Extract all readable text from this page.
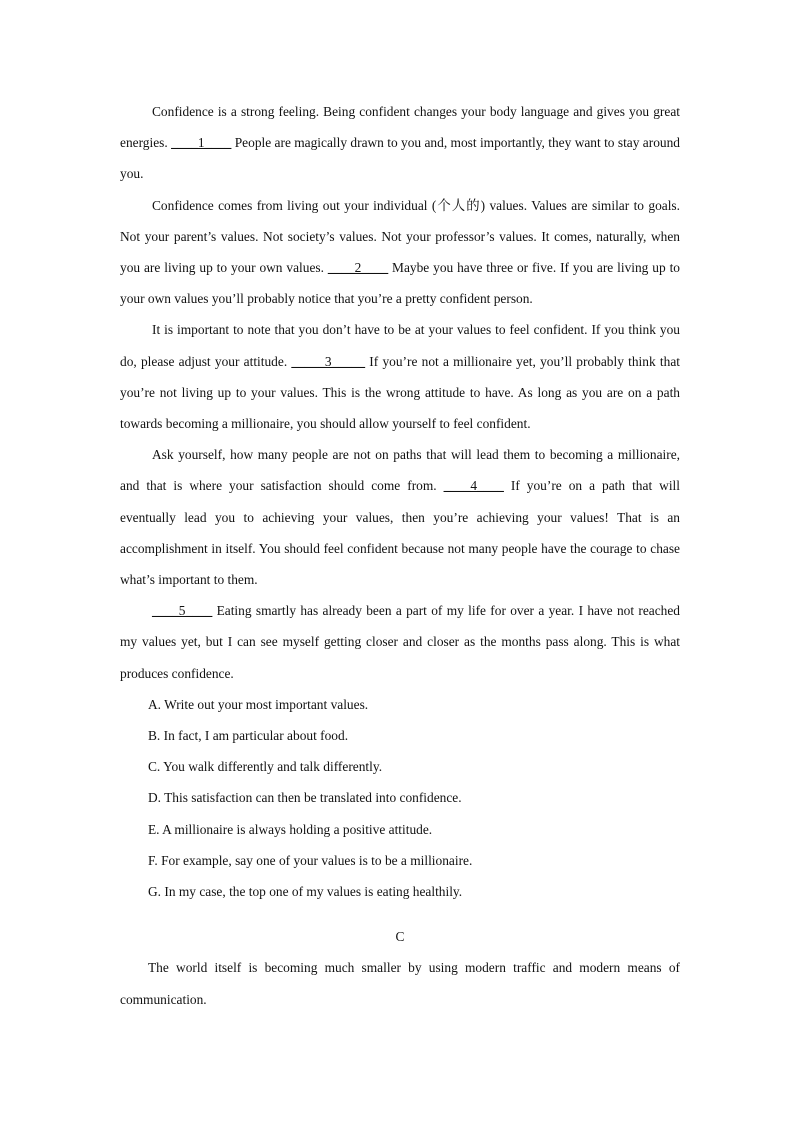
Confidence is a strong feeling. Being confident changes your body language and gives you great energies. ____1____ People are magically drawn to you and, most importantly, they want to stay around you.

Confidence comes from living out your individual (个人的) values. Values are similar to goals. Not your parent’s values. Not society’s values. Not your professor’s values. It comes, naturally, when you are living up to your own values. ____2____ Maybe you have three or five. If you are living up to your own values you’ll probably notice that you’re a pretty confident person.

It is important to note that you don’t have to be at your values to feel confident. If you think you do, please adjust your attitude. _____3_____ If you’re not a millionaire yet, you’ll probably think that you’re not living up to your values. This is the wrong attitude to have. As long as you are on a path towards becoming a millionaire, you should allow yourself to feel confident.

Ask yourself, how many people are not on paths that will lead them to becoming a millionaire, and that is where your satisfaction should come from. ____4____ If you’re on a path that will eventually lead you to achieving your values, then you’re achieving your values! That is an accomplishment in itself. You should feel confident because not many people have the courage to chase what’s important to them.

____5____ Eating smartly has already been a part of my life for over a year. I have not reached my values yet, but I can see myself getting closer and closer as the months pass along. This is what produces confidence.

A. Write out your most important values.
B. In fact, I am particular about food.
C. You walk differently and talk differently.
D. This satisfaction can then be translated into confidence.
E. A millionaire is always holding a positive attitude.
F. For example, say one of your values is to be a millionaire.
G. In my case, the top one of my values is eating healthily.

C

The world itself is becoming much smaller by using modern traffic and modern means of communication.
